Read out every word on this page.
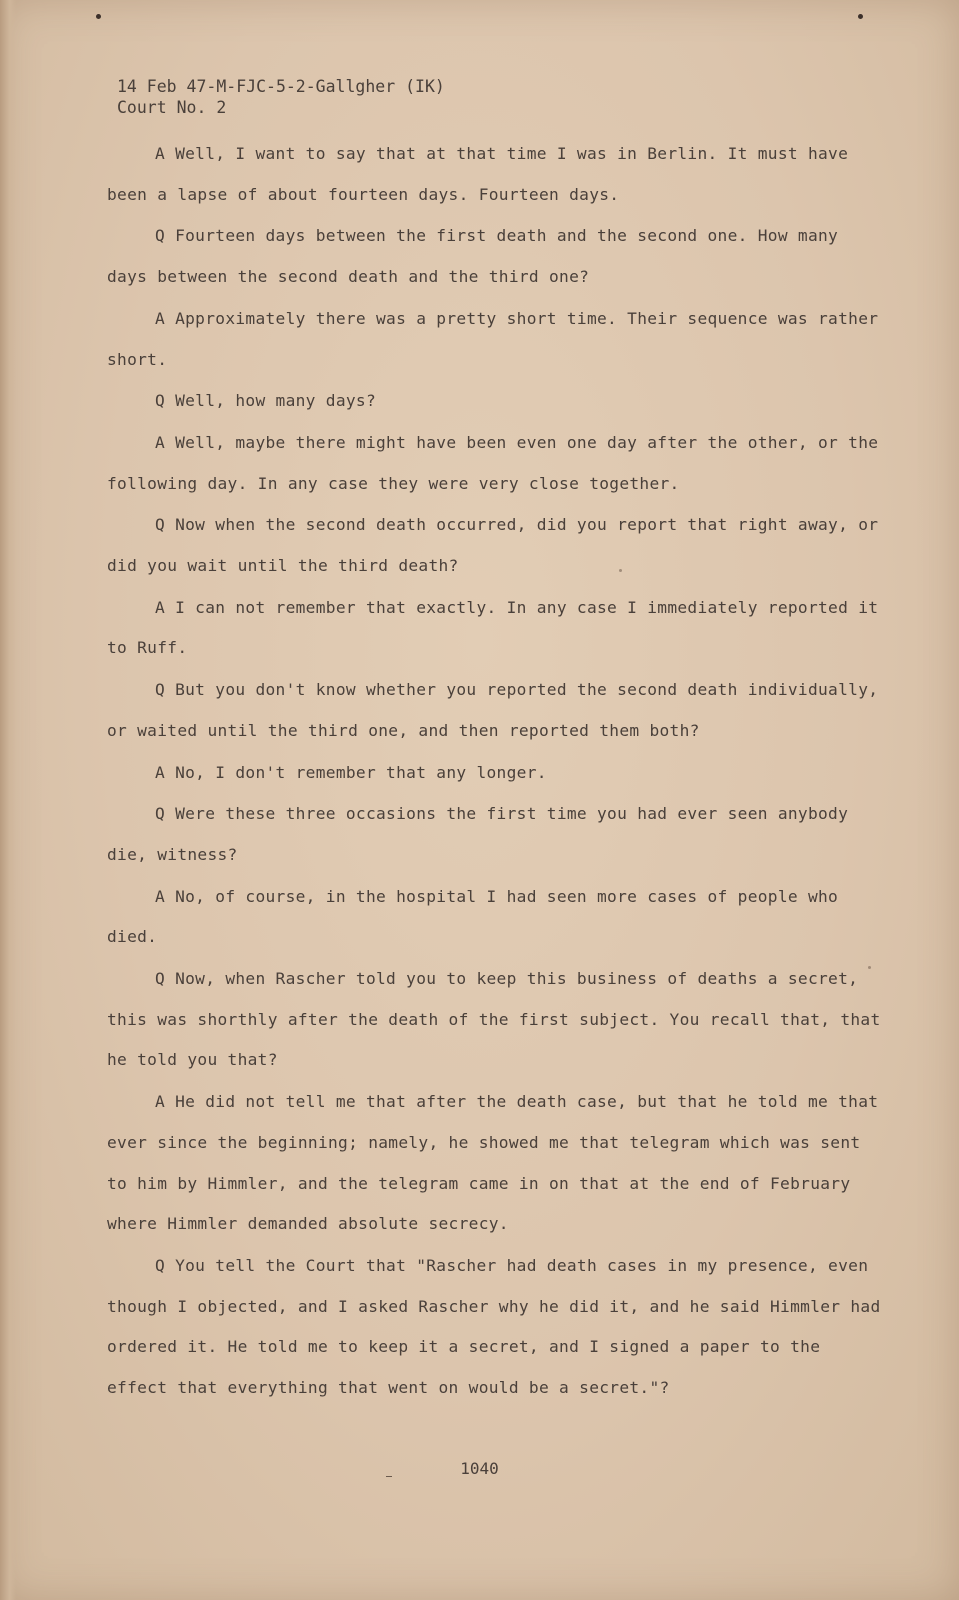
14 Feb 47-M-FJC-5-2-Gallgher (IK)
Court No. 2

A Well, I want to say that at that time I was in Berlin. It must have been a lapse of about fourteen days. Fourteen days.

Q Fourteen days between the first death and the second one. How many days between the second death and the third one?

A Approximately there was a pretty short time. Their sequence was rather short.

Q Well, how many days?

A Well, maybe there might have been even one day after the other, or the following day. In any case they were very close together.

Q Now when the second death occurred, did you report that right away, or did you wait until the third death?

A I can not remember that exactly. In any case I immediately reported it to Ruff.

Q But you don't know whether you reported the second death individually, or waited until the third one, and then reported them both?

A No, I don't remember that any longer.

Q Were these three occasions the first time you had ever seen anybody die, witness?

A No, of course, in the hospital I had seen more cases of people who died.

Q Now, when Rascher told you to keep this business of deaths a secret, this was shorthly after the death of the first subject. You recall that, that he told you that?

A He did not tell me that after the death case, but that he told me that ever since the beginning; namely, he showed me that telegram which was sent to him by Himmler, and the telegram came in on that at the end of February where Himmler demanded absolute secrecy.

Q You tell the Court that "Rascher had death cases in my presence, even though I objected, and I asked Rascher why he did it, and he said Himmler had ordered it. He told me to keep it a secret, and I signed a paper to the effect that everything that went on would be a secret."?

1040
